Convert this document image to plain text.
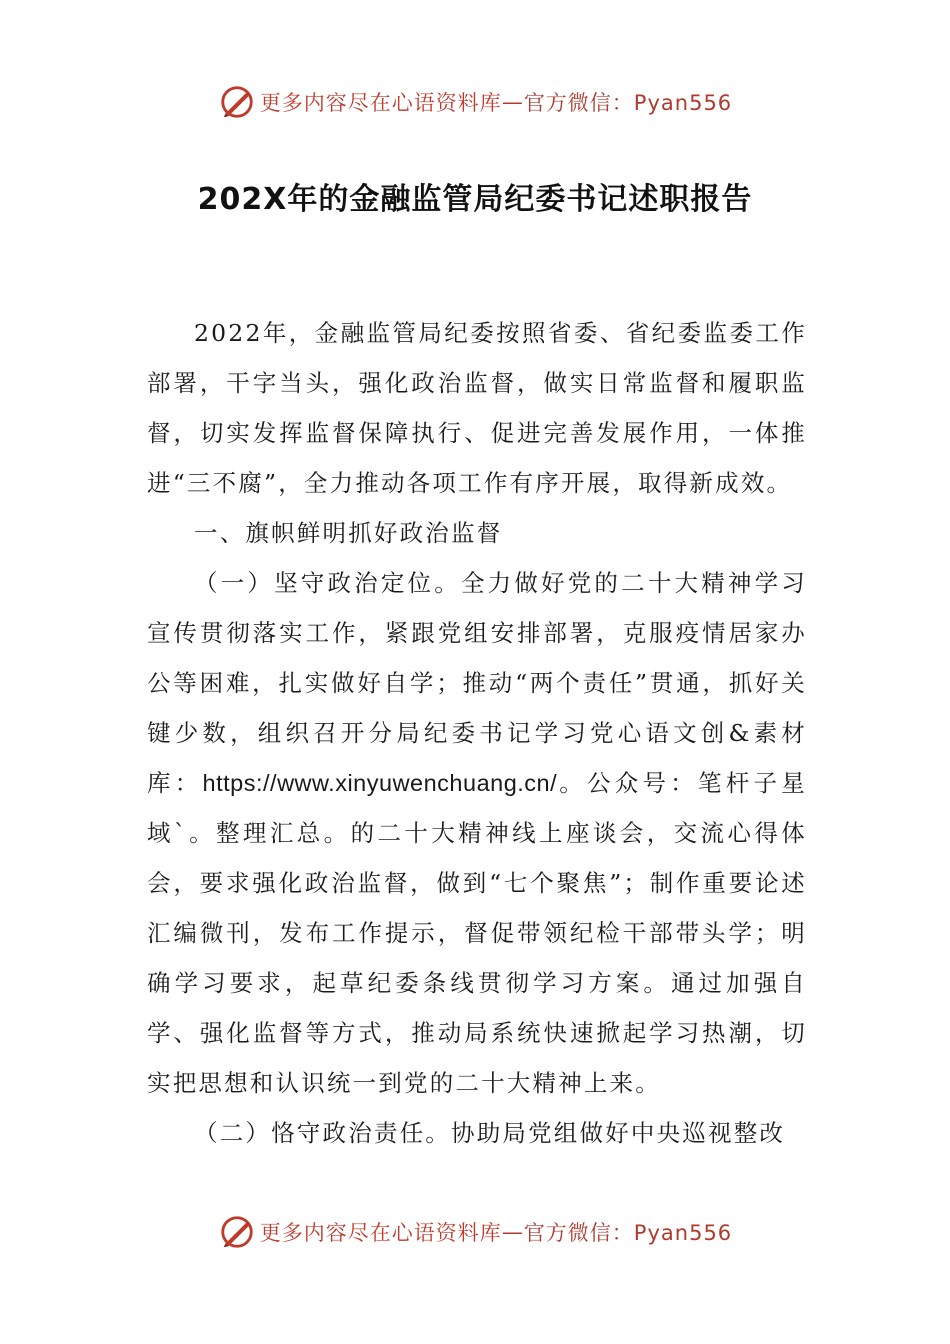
更多内容尽在心语资料库 — 官方微信：Pyan556
202X年的金融监管局纪委书记述职报告

2022年，金融监管局纪委按照省委、省纪委监委工作部署，干字当头，强化政治监督，做实日常监督和履职监督，切实发挥监督保障执行、促进完善发展作用，一体推进“三不腐”，全力推动各项工作有序开展，取得新成效。

一、旗帜鲜明抓好政治监督

（一）坚守政治定位。全力做好党的二十大精神学习宣传贯彻落实工作，紧跟党组安排部署，克服疫情居家办公等困难，扎实做好自学；推动“两个责任”贯通，抓好关键少数，组织召开分局纪委书记学习党心语文创&素材库：https://www.xinyuwenchuang.cn/。公众号：笔杆子星域`。整理汇总。的二十大精神线上座谈会，交流心得体会，要求强化政治监督，做到“七个聚焦”；制作重要论述汇编微刊，发布工作提示，督促带领纪检干部带头学；明确学习要求，起草纪委条线贯彻学习方案。通过加强自学、强化监督等方式，推动局系统快速掀起学习热潮，切实把思想和认识统一到党的二十大精神上来。

（二）恪守政治责任。协助局党组做好中央巡视整改

更多内容尽在心语资料库 — 官方微信：Pyan556
